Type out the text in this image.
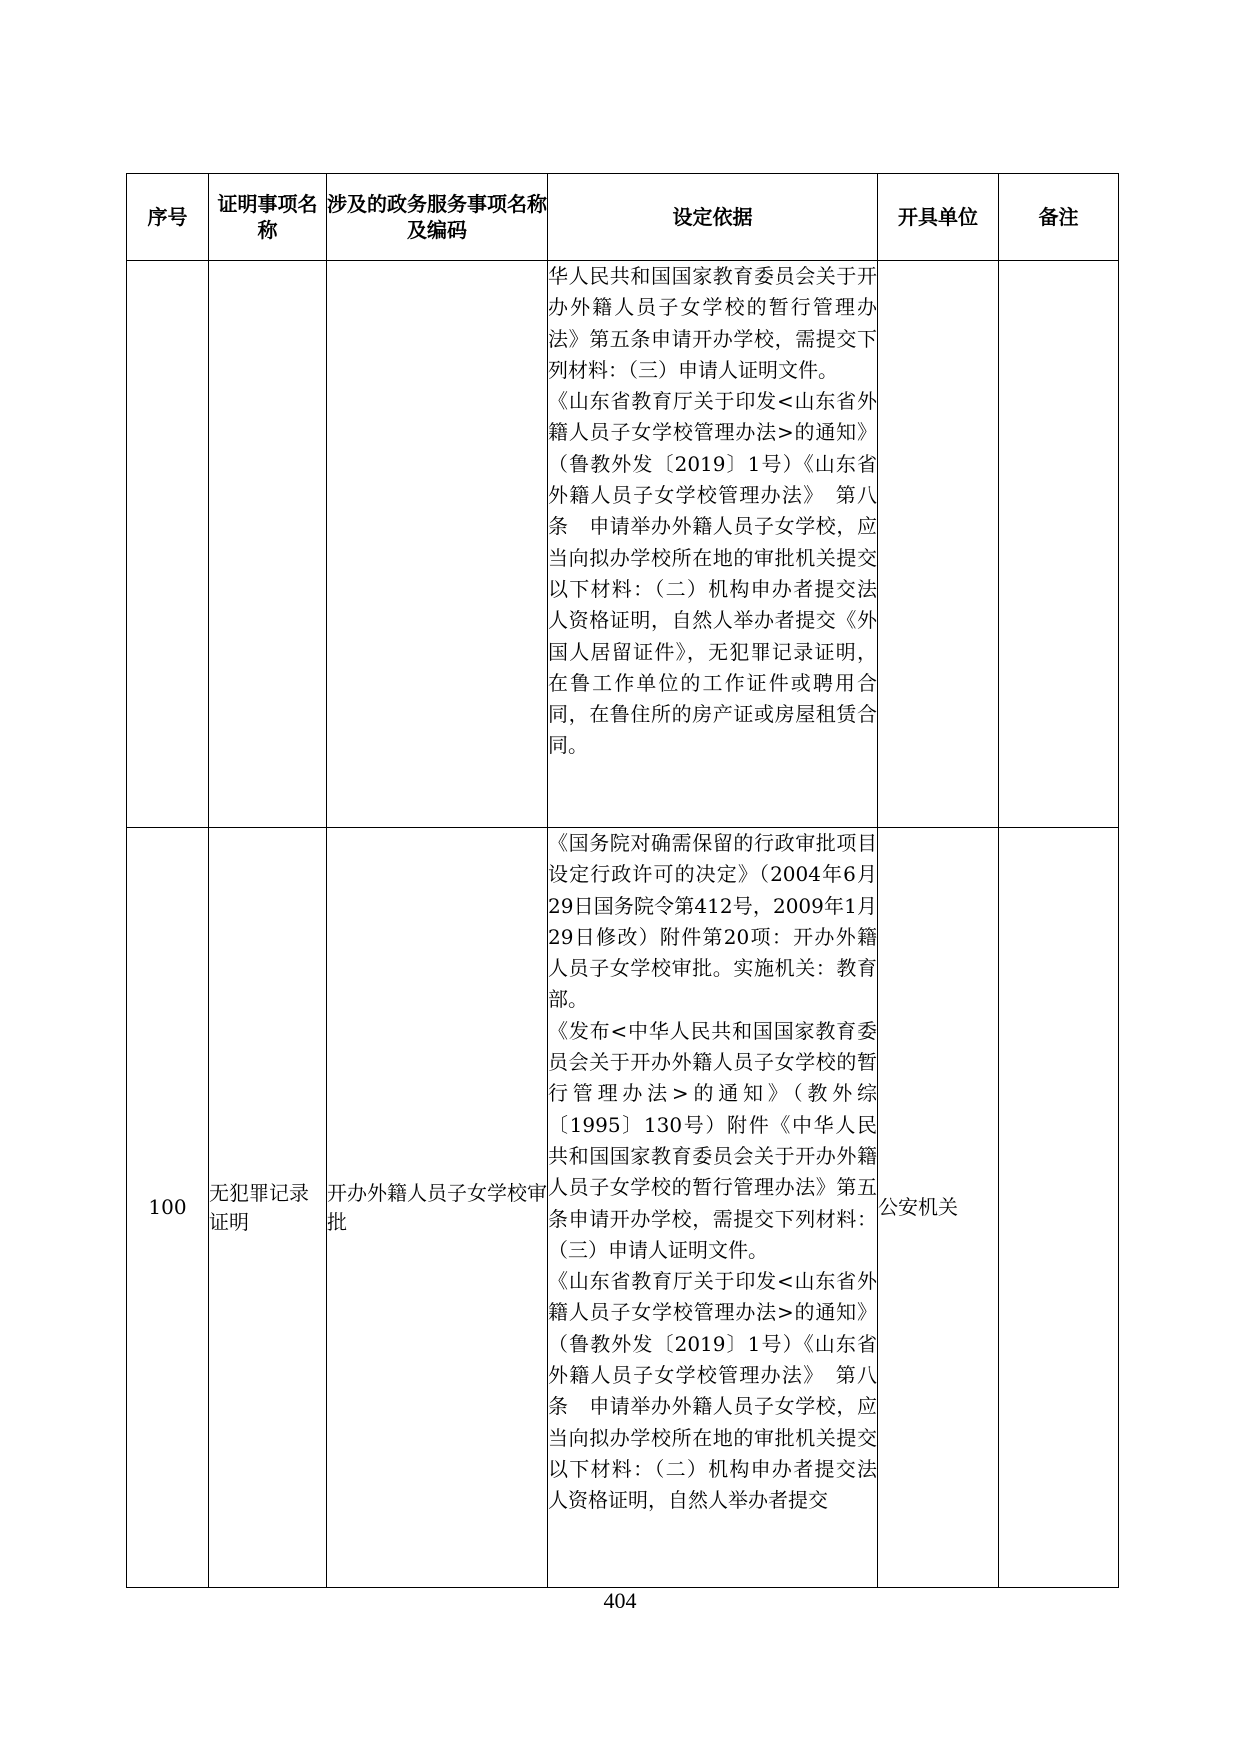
序号	证明事项名称	涉及的政务服务事项名称及编码	设定依据	开具单位	备注

			华人民共和国国家教育委员会关于开办外籍人员子女学校的暂行管理办法》第五条申请开办学校，需提交下列材料：（三）申请人证明文件。

《山东省教育厅关于印发<山东省外籍人员子女学校管理办法>的通知》（鲁教外发〔2019〕1号）《山东省外籍人员子女学校管理办法》　第八条　申请举办外籍人员子女学校，应当向拟办学校所在地的审批机关提交以下材料：（二）机构申办者提交法人资格证明，自然人举办者提交《外国人居留证件》，无犯罪记录证明，在鲁工作单位的工作证件或聘用合同，在鲁住所的房产证或房屋租赁合同。		

100	无犯罪记录证明	开办外籍人员子女学校审批	《国务院对确需保留的行政审批项目设定行政许可的决定》（2004年6月29日国务院令第412号，2009年1月29日修改）附件第20项：开办外籍人员子女学校审批。实施机关：教育部。

《发布<中华人民共和国国家教育委员会关于开办外籍人员子女学校的暂行管理办法>的通知》（教外综〔1995〕130号）附件《中华人民共和国国家教育委员会关于开办外籍人员子女学校的暂行管理办法》第五条申请开办学校，需提交下列材料：（三）申请人证明文件。

《山东省教育厅关于印发<山东省外籍人员子女学校管理办法>的通知》（鲁教外发〔2019〕1号）《山东省外籍人员子女学校管理办法》　第八条　申请举办外籍人员子女学校，应当向拟办学校所在地的审批机关提交以下材料：（二）机构申办者提交法人资格证明，自然人举办者提交	公安机关	
404
